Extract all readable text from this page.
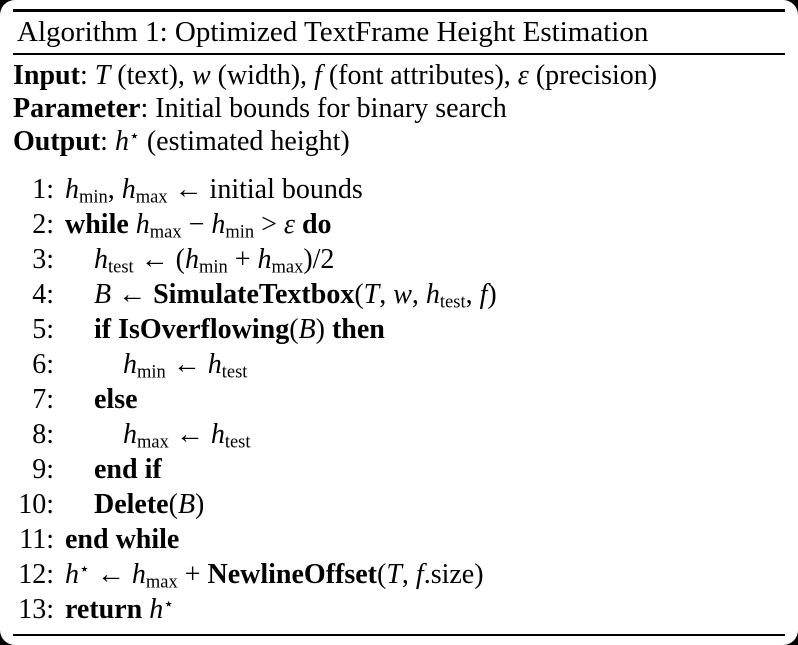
Algorithm 1: Optimized TextFrame Height Estimation
Input: T (text), w (width), f (font attributes), ε (precision)
Parameter: Initial bounds for binary search
Output: h⋆ (estimated height)
1: hmin, hmax ← initial bounds
2: while hmax − hmin > ε do
3:	htest ← (hmin + hmax)/2
4:	B ← SimulateTextbox(T, w, htest, f)
5:	if IsOverflowing(B) then
6:	hmin ← htest
7:	else
8:	hmax ← htest
9:	end if
10:	Delete(B)
11: end while
12: h⋆ ← hmax + NewlineOffset(T, f.size)
13: return h⋆
